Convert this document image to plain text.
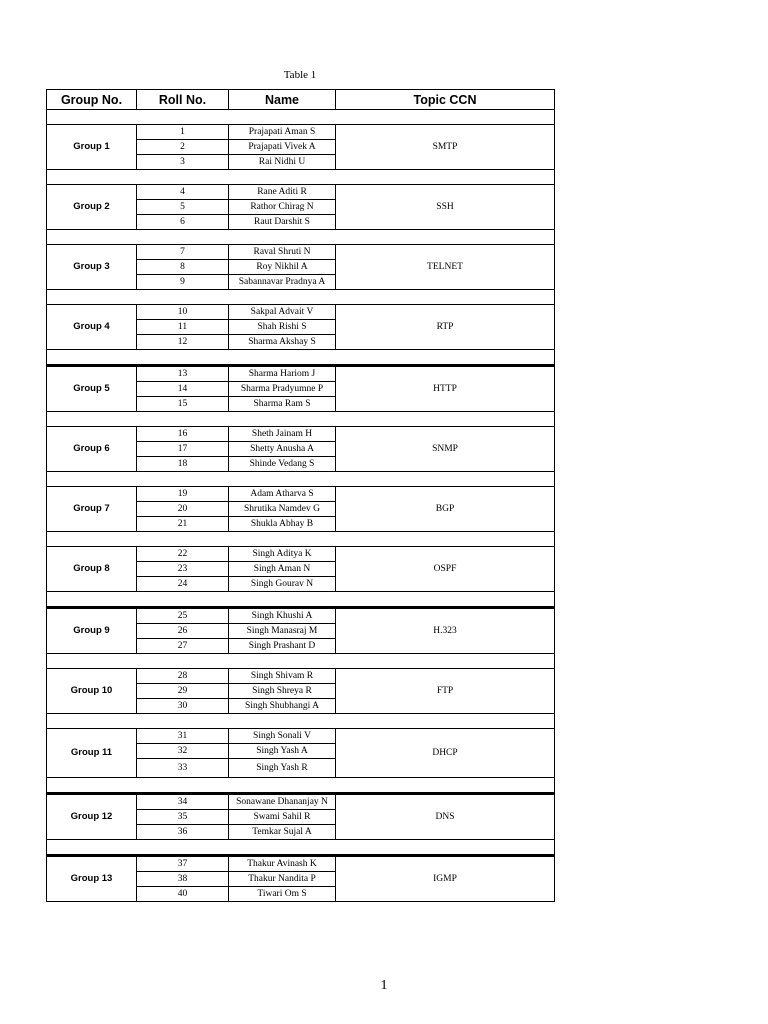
Table 1
Group No.	Roll No.	Name	Topic CCN

Group 1	1	Prajapati Aman S	SMTP
	2	Prajapati Vivek A	
	3	Rai Nidhi U	

Group 2	4	Rane Aditi R	SSH
	5	Rathor Chirag N	
	6	Raut Darshit S	

Group 3	7	Raval Shruti N	TELNET
	8	Roy Nikhil A	
	9	Sabannavar Pradnya A	

Group 4	10	Sakpal Advait V	RTP
	11	Shah Rishi S	
	12	Sharma Akshay S	

Group 5	13	Sharma Hariom J	HTTP
	14	Sharma Pradyumne P	
	15	Sharma Ram S	

Group 6	16	Sheth Jainam H	SNMP
	17	Shetty Anusha A	
	18	Shinde Vedang S	

Group 7	19	Adam Atharva S	BGP
	20	Shrutika Namdev G	
	21	Shukla Abhay B	

Group 8	22	Singh Aditya K	OSPF
	23	Singh Aman N	
	24	Singh Gourav N	

Group 9	25	Singh Khushi A	H.323
	26	Singh Manasraj M	
	27	Singh Prashant D	

Group 10	28	Singh Shivam R	FTP
	29	Singh Shreya R	
	30	Singh Shubhangi A	

Group 11	31	Singh Sonali V	DHCP
	32	Singh Yash A	
	33	Singh Yash R	

Group 12	34	Sonawane Dhananjay N	DNS
	35	Swami Sahil R	
	36	Temkar Sujal A	

Group 13	37	Thakur Avinash K	IGMP
	38	Thakur Nandita P	
	40	Tiwari Om S	
1
